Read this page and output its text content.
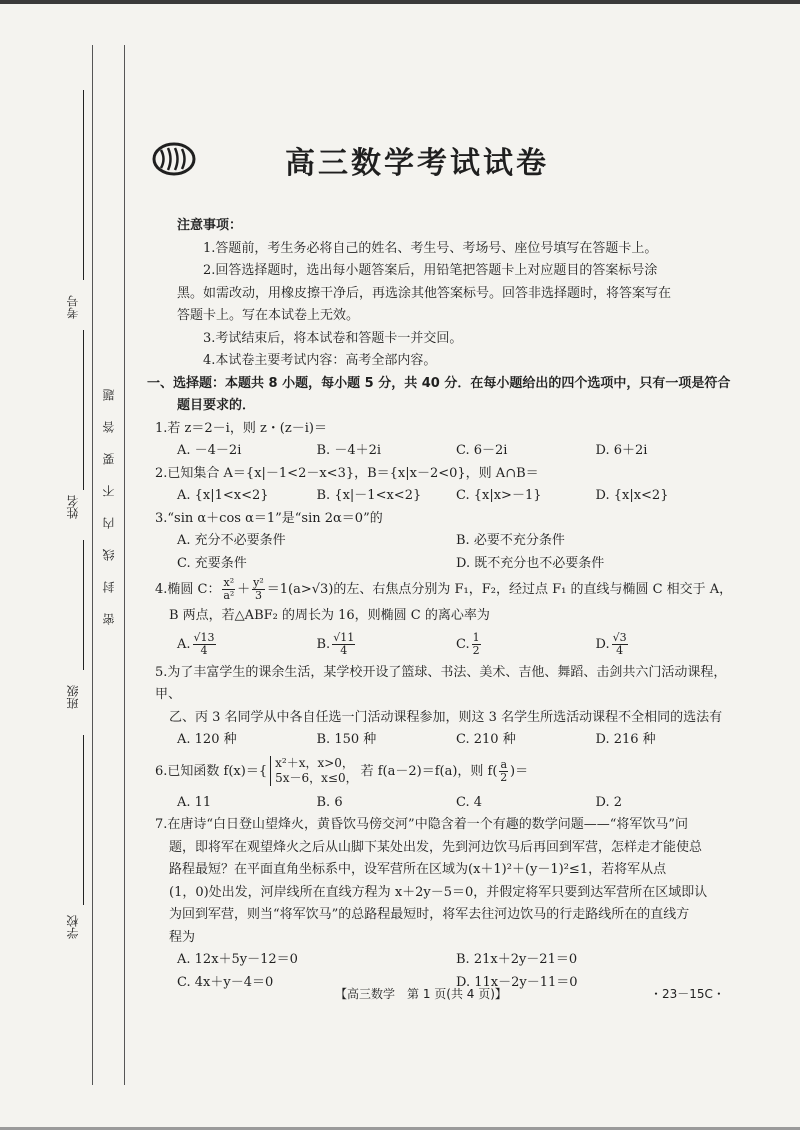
考号
姓名
班级
学校
密　封　线　内　不　要　答　题
高三数学考试试卷

注意事项：

1.答题前，考生务必将自己的姓名、考生号、考场号、座位号填写在答题卡上。

2.回答选择题时，选出每小题答案后，用铅笔把答题卡上对应题目的答案标号涂

黑。如需改动，用橡皮擦干净后，再选涂其他答案标号。回答非选择题时，将答案写在

答题卡上。写在本试卷上无效。

3.考试结束后，将本试卷和答题卡一并交回。

4.本试卷主要考试内容：高考全部内容。

一、选择题：本题共 8 小题，每小题 5 分，共 40 分．在每小题给出的四个选项中，只有一项是符合

题目要求的．

1.若 z＝2－i，则 z・(z－i)＝

A. －4－2i	B. －4＋2i	C. 6－2i	D. 6＋2i

2.已知集合 A＝{x|－1<2－x<3}，B＝{x|x－2<0}，则 A∩B＝

A. {x|1<x<2}	B. {x|－1<x<2}	C. {x|x>－1}	D. {x|x<2}

3.“sin α＋cos α＝1”是“sin 2α＝0”的

A. 充分不必要条件	B. 必要不充分条件
C. 充要条件	D. 既不充分也不必要条件

4.椭圆 C： $\frac{\text{x²}}{\text{a²}} + \frac{\text{y²}}{3} =1(a>√3)$的左、右焦点分别为 F₁，F₂，经过点 F₁ 的直线与椭圆 C 相交于 A，

B 两点，若△ABF₂ 的周长为 16，则椭圆 C 的离心率为

A. $\frac{√13}{4}$	B. $\frac{√11}{4}$	C. $\frac{1}{2}$	D. $\frac{√3}{4}$

5.为了丰富学生的课余生活，某学校开设了篮球、书法、美术、吉他、舞蹈、击剑共六门活动课程，甲、

乙、丙 3 名同学从中各自任选一门活动课程参加，则这 3 名学生所选活动课程不全相同的选法有

A. 120 种	B. 150 种	C. 210 种	D. 216 种

6.已知函数 f(x)＝{x²＋x，x>0，
5x－6，x≤0， 若 f(a－2)＝f(a)，则 $f( \frac{a}{2}$ )＝

A. 11	B. 6	C. 4	D. 2

7.在唐诗“白日登山望烽火，黄昏饮马傍交河”中隐含着一个有趣的数学问题——“将军饮马”问

题，即将军在观望烽火之后从山脚下某处出发，先到河边饮马后再回到军营，怎样走才能使总

路程最短？在平面直角坐标系中，设军营所在区域为(x＋1)²＋(y－1)²≤1，若将军从点

(1，0)处出发，河岸线所在直线方程为 x＋2y－5＝0，并假定将军只要到达军营所在区域即认

为回到军营，则当“将军饮马”的总路程最短时，将军去往河边饮马的行走路线所在的直线方

程为

A. 12x＋5y－12＝0	B. 21x＋2y－21＝0
C. 4x＋y－4＝0	D. 11x－2y－11＝0
【高三数学　第 1 页(共 4 页)】	・23－15C・
